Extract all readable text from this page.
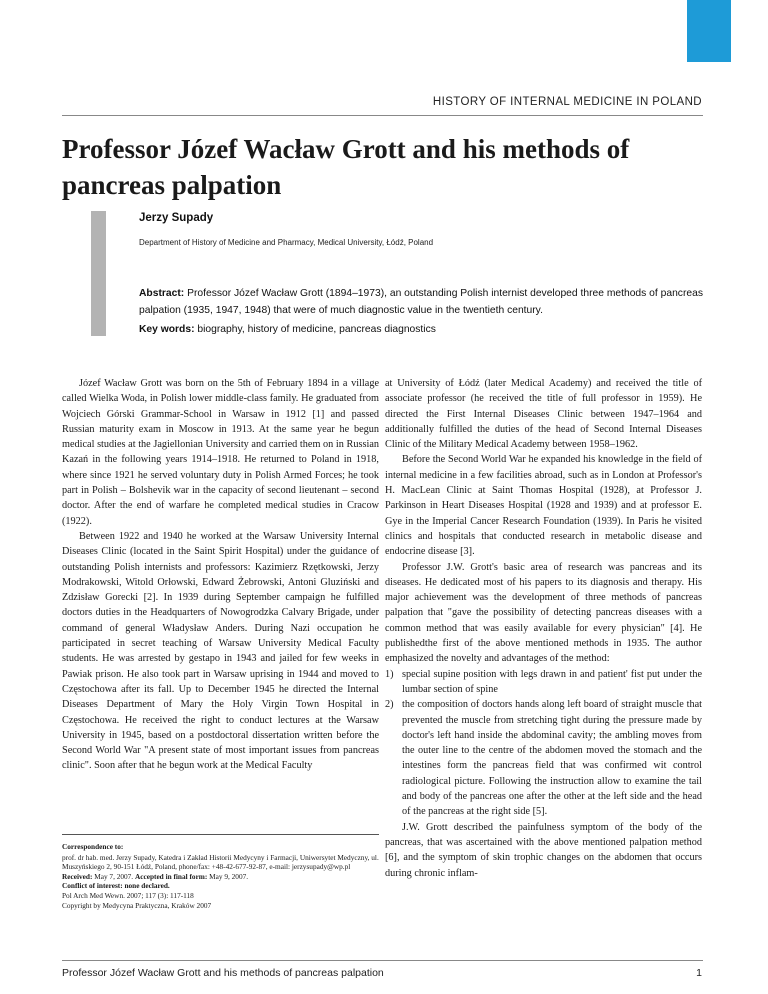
HISTORY OF INTERNAL MEDICINE IN POLAND
Professor Józef Wacław Grott and his methods of pancreas palpation
Jerzy Supady
Department of History of Medicine and Pharmacy, Medical University, Łódź, Poland

Abstract: Professor Józef Wacław Grott (1894–1973), an outstanding Polish internist developed three methods of pancreas palpation (1935, 1947, 1948) that were of much diagnostic value in the twentieth century.

Key words: biography, history of medicine, pancreas diagnostics

Józef Wacław Grott was born on the 5th of February 1894 in a village called Wielka Woda, in Polish lower middle-class family. He graduated from Wojciech Górski Grammar-School in Warsaw in 1912 [1] and passed Russian maturity exam in Moscow in 1913. At the same year he begun medical studies at the Jagiellonian University and carried them on in Russian Kazań in the following years 1914–1918. He returned to Poland in 1918, where since 1921 he served voluntary duty in Polish Armed Forces; he took part in Polish – Bolshevik war in the capacity of second lieutenant – second doctor. After the end of warfare he completed medical studies in Cracow (1922).

Between 1922 and 1940 he worked at the Warsaw University Internal Diseases Clinic (located in the Saint Spirit Hospital) under the guidance of outstanding Polish internists and professors: Kazimierz Rzętkowski, Jerzy Modrakowski, Witold Orłowski, Edward Żebrowski, Antoni Gluziński and Zdzisław Gorecki [2]. In 1939 during September campaign he fulfilled doctors duties in the Headquarters of Nowogrodzka Calvary Brigade, under command of general Władysław Anders. During Nazi occupation he participated in secret teaching of Warsaw University Medical Faculty students. He was arrested by gestapo in 1943 and jailed for few weeks in Pawiak prison. He also took part in Warsaw uprising in 1944 and moved to Częstochowa after its fall. Up to December 1945 he directed the Internal Diseases Department of Mary the Holy Virgin Town Hospital in Częstochowa. He received the right to conduct lectures at the Warsaw University in 1945, based on a postdoctoral dissertation written before the Second World War "A present state of most important issues from pancreas clinic". Soon after that he begun work at the Medical Faculty

at University of Łódź (later Medical Academy) and received the title of associate professor (he received the title of full professor in 1959). He directed the First Internal Diseases Clinic between 1947–1964 and additionally fulfilled the duties of the head of Second Internal Diseases Clinic of the Military Medical Academy between 1958–1962.

Before the Second World War he expanded his knowledge in the field of internal medicine in a few facilities abroad, such as in London at Professor's H. MacLean Clinic at Saint Thomas Hospital (1928), at Professor J. Parkinson in Heart Diseases Hospital (1928 and 1939) and at professor E. Gye in the Imperial Cancer Research Foundation (1939). In Paris he visited clinics and hospitals that conducted research in metabolic disease and endocrine disease [3].

Professor J.W. Grott's basic area of research was pancreas and its diseases. He dedicated most of his papers to its diagnosis and therapy. His major achievement was the development of three methods of pancreas palpation that "gave the possibility of detecting pancreas diseases with a common method that was easily available for every physician" [4]. He publishedthe first of the above mentioned methods in 1935. The author emphasized the novelty and advantages of the method:

1) special supine position with legs drawn in and patient' fist put under the lumbar section of spine
2) the composition of doctors hands along left board of straight muscle that prevented the muscle from stretching tight during the pressure made by doctor's left hand inside the abdominal cavity; the ambling moves from the outer line to the centre of the abdomen moved the stomach and the intestines form the pancreas field that was confirmed wit control radiological picture. Following the instruction allow to examine the tail and body of the pancreas one after the other at the left side and the head of the pancreas at the right side [5].

J.W. Grott described the painfulness symptom of the body of the pancreas, that was ascertained with the above mentioned palpation method [6], and the symptom of skin trophic changes on the abdomen that occurs during chronic inflam-

Correspondence to:
prof. dr hab. med. Jerzy Supady, Katedra i Zakład Historii Medycyny i Farmacji, Uniwersytet Medyczny, ul. Muszyńskiego 2, 90-151 Łódź, Poland, phone/fax: +48-42-677-92-87, e-mail: jerzysupady@wp.pl
Received: May 7, 2007. Accepted in final form: May 9, 2007.
Conflict of interest: none declared.
Pol Arch Med Wewn. 2007; 117 (3): 117-118
Copyright by Medycyna Praktyczna, Kraków 2007
Professor Józef Wacław Grott and his methods of pancreas palpation	1
